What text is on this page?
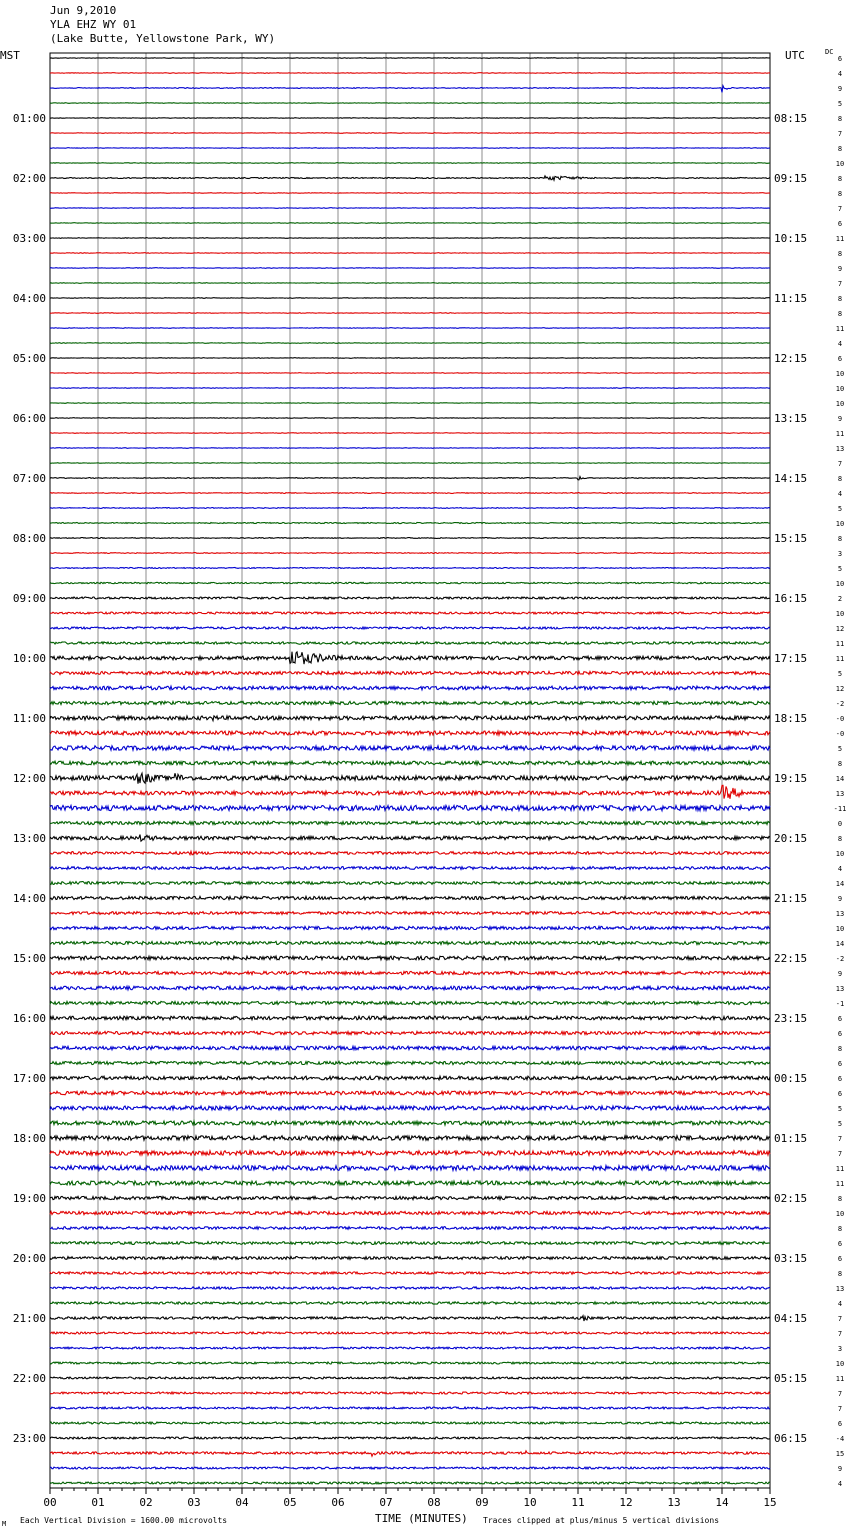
Jun 9,2010
YLA EHZ WY 01
(Lake Butte, Yellowstone Park, WY)
MST	UTC	DC
6
4
9
5
8
7
8
10
8
8
7
6
11
8
9
7
8
8
11
4
6
10
10
10
9
11
13
7
8
4
5
10
8
3
5
10
2
10
12
11
11
5
12
-2
-0
-0
5
8
14
13
-11
0
8
10
4
14
9
13
10
14
-2
9
13
-1
6
6
8
6
6
6
5
5
7
7
11
11
8
10
8
6
6
8
13
4
7
7
3
10
11
7
7
6
-4
15
9
4
01:00
02:00
03:00
04:00
05:00
06:00
07:00
08:00
09:00
10:00
11:00
12:00
13:00
14:00
15:00
16:00
17:00
18:00
19:00
20:00
21:00
22:00
23:00
08:15
09:15
10:15
11:15
12:15
13:15
14:15
15:15
16:15
17:15
18:15
19:15
20:15
21:15
22:15
23:15
00:15
01:15
02:15
03:15
04:15
05:15
06:15
00	01	02	03	04	05	06	07	08	09	10	11	12	13	14	15
Each Vertical Division = 1600.00 microvolts	TIME (MINUTES) Traces clipped at plus/minus 5 vertical divisions
M
